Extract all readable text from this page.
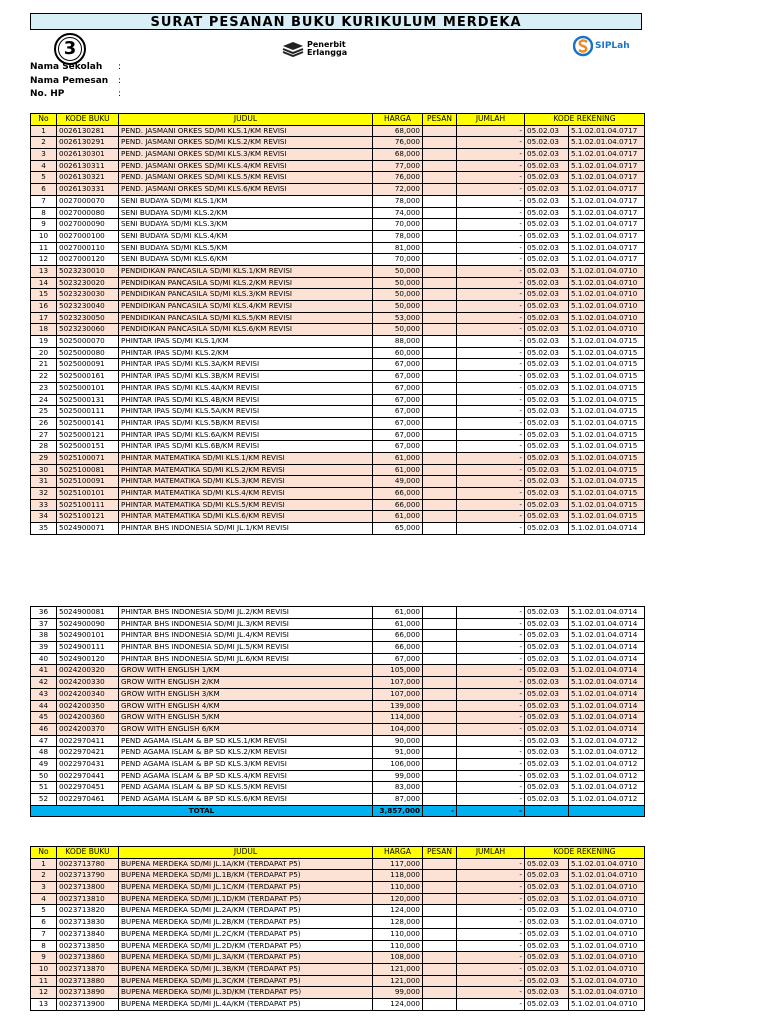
SURAT PESANAN BUKU KURIKULUM MERDEKA
3	Penerbit
Erlangga
SIPLah
Nama Sekolah :
Nama Pemesan :
No. HP	:
No	KODE BUKU	JUDUL	HARGA	PESAN	JUMLAH	KODE REKENING	
1	0026130281	PEND. JASMANI ORKES SD/MI KLS.1/KM REVISI	68,000		-	05.02.03	5.1.02.01.04.0717
2	0026130291	PEND. JASMANI ORKES SD/MI KLS.2/KM REVISI	76,000		-	05.02.03	5.1.02.01.04.0717
3	0026130301	PEND. JASMANI ORKES SD/MI KLS.3/KM REVISI	68,000		-	05.02.03	5.1.02.01.04.0717
4	0026130311	PEND. JASMANI ORKES SD/MI KLS.4/KM REVISI	77,000		-	05.02.03	5.1.02.01.04.0717
5	0026130321	PEND. JASMANI ORKES SD/MI KLS.5/KM REVISI	76,000		-	05.02.03	5.1.02.01.04.0717
6	0026130331	PEND. JASMANI ORKES SD/MI KLS.6/KM REVISI	72,000		-	05.02.03	5.1.02.01.04.0717
7	0027000070	SENI BUDAYA SD/MI KLS.1/KM	78,000		-	05.02.03	5.1.02.01.04.0717
8	0027000080	SENI BUDAYA SD/MI KLS.2/KM	74,000		-	05.02.03	5.1.02.01.04.0717
9	0027000090	SENI BUDAYA SD/MI KLS.3/KM	70,000		-	05.02.03	5.1.02.01.04.0717
10	0027000100	SENI BUDAYA SD/MI KLS.4/KM	78,000		-	05.02.03	5.1.02.01.04.0717
11	0027000110	SENI BUDAYA SD/MI KLS.5/KM	81,000		-	05.02.03	5.1.02.01.04.0717
12	0027000120	SENI BUDAYA SD/MI KLS.6/KM	70,000		-	05.02.03	5.1.02.01.04.0717
13	5023230010	PENDIDIKAN PANCASILA SD/MI KLS.1/KM REVISI	50,000		-	05.02.03	5.1.02.01.04.0710
14	5023230020	PENDIDIKAN PANCASILA SD/MI KLS.2/KM REVISI	50,000		-	05.02.03	5.1.02.01.04.0710
15	5023230030	PENDIDIKAN PANCASILA SD/MI KLS.3/KM REVISI	50,000		-	05.02.03	5.1.02.01.04.0710
16	5023230040	PENDIDIKAN PANCASILA SD/MI KLS.4/KM REVISI	50,000		-	05.02.03	5.1.02.01.04.0710
17	5023230050	PENDIDIKAN PANCASILA SD/MI KLS.5/KM REVISI	53,000		-	05.02.03	5.1.02.01.04.0710
18	5023230060	PENDIDIKAN PANCASILA SD/MI KLS.6/KM REVISI	50,000		-	05.02.03	5.1.02.01.04.0710
19	5025000070	PHINTAR IPAS SD/MI KLS.1/KM	88,000		-	05.02.03	5.1.02.01.04.0715
20	5025000080	PHINTAR IPAS SD/MI KLS.2/KM	60,000		-	05.02.03	5.1.02.01.04.0715
21	5025000091	PHINTAR IPAS SD/MI KLS.3A/KM REVISI	67,000		-	05.02.03	5.1.02.01.04.0715
22	5025000161	PHINTAR IPAS SD/MI KLS.3B/KM REVISI	67,000		-	05.02.03	5.1.02.01.04.0715
23	5025000101	PHINTAR IPAS SD/MI KLS.4A/KM REVISI	67,000		-	05.02.03	5.1.02.01.04.0715
24	5025000131	PHINTAR IPAS SD/MI KLS.4B/KM REVISI	67,000		-	05.02.03	5.1.02.01.04.0715
25	5025000111	PHINTAR IPAS SD/MI KLS.5A/KM REVISI	67,000		-	05.02.03	5.1.02.01.04.0715
26	5025000141	PHINTAR IPAS SD/MI KLS.5B/KM REVISI	67,000		-	05.02.03	5.1.02.01.04.0715
27	5025000121	PHINTAR IPAS SD/MI KLS.6A/KM REVISI	67,000		-	05.02.03	5.1.02.01.04.0715
28	5025000151	PHINTAR IPAS SD/MI KLS.6B/KM REVISI	67,000		-	05.02.03	5.1.02.01.04.0715
29	5025100071	PHINTAR MATEMATIKA SD/MI KLS.1/KM REVISI	61,000		-	05.02.03	5.1.02.01.04.0715
30	5025100081	PHINTAR MATEMATIKA SD/MI KLS.2/KM REVISI	61,000		-	05.02.03	5.1.02.01.04.0715
31	5025100091	PHINTAR MATEMATIKA SD/MI KLS.3/KM REVISI	49,000		-	05.02.03	5.1.02.01.04.0715
32	5025100101	PHINTAR MATEMATIKA SD/MI KLS.4/KM REVISI	66,000		-	05.02.03	5.1.02.01.04.0715
33	5025100111	PHINTAR MATEMATIKA SD/MI KLS.5/KM REVISI	66,000		-	05.02.03	5.1.02.01.04.0715
34	5025100121	PHINTAR MATEMATIKA SD/MI KLS.6/KM REVISI	61,000		-	05.02.03	5.1.02.01.04.0715
35	5024900071	PHINTAR BHS INDONESIA SD/MI JL.1/KM REVISI	65,000		-	05.02.03	5.1.02.01.04.0714
36	5024900081	PHINTAR BHS INDONESIA SD/MI JL.2/KM REVISI	61,000		-	05.02.03	5.1.02.01.04.0714
37	5024900090	PHINTAR BHS INDONESIA SD/MI JL.3/KM REVISI	61,000		-	05.02.03	5.1.02.01.04.0714
38	5024900101	PHINTAR BHS INDONESIA SD/MI JL.4/KM REVISI	66,000		-	05.02.03	5.1.02.01.04.0714
39	5024900111	PHINTAR BHS INDONESIA SD/MI JL.5/KM REVISI	66,000		-	05.02.03	5.1.02.01.04.0714
40	5024900120	PHINTAR BHS INDONESIA SD/MI JL.6/KM REVISI	67,000		-	05.02.03	5.1.02.01.04.0714
41	0024200320	GROW WITH ENGLISH 1/KM	105,000		-	05.02.03	5.1.02.01.04.0714
42	0024200330	GROW WITH ENGLISH 2/KM	107,000		-	05.02.03	5.1.02.01.04.0714
43	0024200340	GROW WITH ENGLISH 3/KM	107,000		-	05.02.03	5.1.02.01.04.0714
44	0024200350	GROW WITH ENGLISH 4/KM	139,000		-	05.02.03	5.1.02.01.04.0714
45	0024200360	GROW WITH ENGLISH 5/KM	114,000		-	05.02.03	5.1.02.01.04.0714
46	0024200370	GROW WITH ENGLISH 6/KM	104,000		-	05.02.03	5.1.02.01.04.0714
47	0022970411	PEND AGAMA ISLAM & BP SD KLS.1/KM REVISI	90,000		-	05.02.03	5.1.02.01.04.0712
48	0022970421	PEND AGAMA ISLAM & BP SD KLS.2/KM REVISI	91,000		-	05.02.03	5.1.02.01.04.0712
49	0022970431	PEND AGAMA ISLAM & BP SD KLS.3/KM REVISI	106,000		-	05.02.03	5.1.02.01.04.0712
50	0022970441	PEND AGAMA ISLAM & BP SD KLS.4/KM REVISI	99,000		-	05.02.03	5.1.02.01.04.0712
51	0022970451	PEND AGAMA ISLAM & BP SD KLS.5/KM REVISI	83,000		-	05.02.03	5.1.02.01.04.0712
52	0022970461	PEND AGAMA ISLAM & BP SD KLS.6/KM REVISI	87,000		-	05.02.03	5.1.02.01.04.0712
TOTAL			3,857,000	-	-		
No	KODE BUKU	JUDUL	HARGA	PESAN	JUMLAH	KODE REKENING	
1	0023713780	BUPENA MERDEKA SD/MI JL.1A/KM (TERDAPAT P5)	117,000		-	05.02.03	5.1.02.01.04.0710
2	0023713790	BUPENA MERDEKA SD/MI JL.1B/KM (TERDAPAT P5)	118,000		-	05.02.03	5.1.02.01.04.0710
3	0023713800	BUPENA MERDEKA SD/MI JL.1C/KM (TERDAPAT P5)	110,000		-	05.02.03	5.1.02.01.04.0710
4	0023713810	BUPENA MERDEKA SD/MI JL.1D/KM (TERDAPAT P5)	120,000		-	05.02.03	5.1.02.01.04.0710
5	0023713820	BUPENA MERDEKA SD/MI JL.2A/KM (TERDAPAT P5)	124,000		-	05.02.03	5.1.02.01.04.0710
6	0023713830	BUPENA MERDEKA SD/MI JL.2B/KM (TERDAPAT P5)	128,000		-	05.02.03	5.1.02.01.04.0710
7	0023713840	BUPENA MERDEKA SD/MI JL.2C/KM (TERDAPAT P5)	110,000		-	05.02.03	5.1.02.01.04.0710
8	0023713850	BUPENA MERDEKA SD/MI JL.2D/KM (TERDAPAT P5)	110,000		-	05.02.03	5.1.02.01.04.0710
9	0023713860	BUPENA MERDEKA SD/MI JL.3A/KM (TERDAPAT P5)	108,000		-	05.02.03	5.1.02.01.04.0710
10	0023713870	BUPENA MERDEKA SD/MI JL.3B/KM (TERDAPAT P5)	121,000		-	05.02.03	5.1.02.01.04.0710
11	0023713880	BUPENA MERDEKA SD/MI JL.3C/KM (TERDAPAT P5)	121,000		-	05.02.03	5.1.02.01.04.0710
12	0023713890	BUPENA MERDEKA SD/MI JL.3D/KM (TERDAPAT P5)	99,000		-	05.02.03	5.1.02.01.04.0710
13	0023713900	BUPENA MERDEKA SD/MI JL.4A/KM (TERDAPAT P5)	124,000		-	05.02.03	5.1.02.01.04.0710
